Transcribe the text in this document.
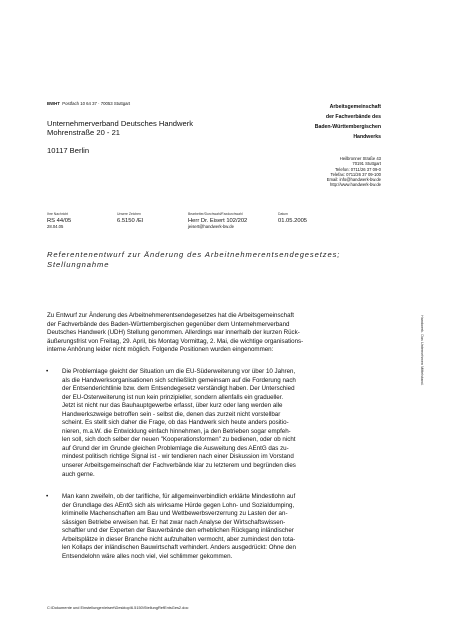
BWHT Postfach 10 64 37 · 70053 Stuttgart
Arbeitsgemeinschaft
der Fachverbände des
Baden-Württembergischen
Handwerks
Unternehmerverband Deutsches Handwerk
Mohrenstraße 20 - 21
10117 Berlin
Heilbronner Straße 43
70191 Stuttgart
Telefon: 0711/26 37 09-0
Telefax: 0711/26 37 09-100
Email: info@handwerk-bw.de
http://www.handwerk-bw.de
Ihre Nachricht
RS 44/05
28.04.05
Unsere Zeichen
6.5150 /El
Bearbeiter/Durchwahl/Faxdurchwahl
Herr Dr. Eisert 102/202
jeisert@handwerk-bw.de
Datum
01.05.2005
Referentenentwurf zur Änderung des Arbeitnehmerentsendegesetzes;
Stellungnahme
Zu Entwurf zur Änderung des Arbeitnehmerentsendegesetzes hat die Arbeitsgemeinschaft
der Fachverbände des Baden-Württembergischen gegenüber dem Unternehmerverband
Deutsches Handwerk (UDH) Stellung genommen. Allerdings war innerhalb der kurzen Rück-
äußerungsfrist von Freitag, 29. April, bis Montag Vormittag, 2. Mai, die wichtige organisations-
interne Anhörung leider nicht möglich. Folgende Positionen wurden eingenommen:
• Die Problemlage gleicht der Situation um die EU-Süderweiterung vor über 10 Jahren,
als die Handwerksorganisationen sich schließlich gemeinsam auf die Forderung nach
der Entsenderichtlinie bzw. dem Entsendegesetz verständigt haben. Der Unterschied
der EU-Osterweiterung ist nun kein prinzipieller, sondern allenfalls ein gradueller.
Jetzt ist nicht nur das Bauhauptgewerbe erfasst, über kurz oder lang werden alle
Handwerkszweige betroffen sein - selbst die, denen das zurzeit nicht vorstellbar
scheint. Es stellt sich daher die Frage, ob das Handwerk sich heute anders positio-
nieren, m.a.W. die Entwicklung einfach hinnehmen, ja den Betrieben sogar empfeh-
len soll, sich doch selber der neuen "Kooperationsformen" zu bedienen, oder ob nicht
auf Grund der im Grunde gleichen Problemlage die Ausweitung des AEntG das zu-
mindest politisch richtige Signal ist - wir tendieren nach einer Diskussion im Vorstand
unserer Arbeitsgemeinschaft der Fachverbände klar zu letzterem und begründen dies
auch gerne.
• Man kann zweifeln, ob der tarifliche, für allgemeinverbindlich erklärte Mindestlohn auf
der Grundlage des AEntG sich als wirksame Hürde gegen Lohn- und Sozialdumping,
kriminelle Machenschaften am Bau und Wettbewerbsverzerrung zu Lasten der an-
sässigen Betriebe erweisen hat. Er hat zwar nach Analyse der Wirtschaftswissen-
schaftler und der Experten der Bauverbände den erheblichen Rückgang inländischer
Arbeitsplätze in dieser Branche nicht aufzuhalten vermocht, aber zumindest den tota-
len Kollaps der inländischen Bauwirtschaft verhindert. Anders ausgedrückt: Ohne den
Entsendelohn wäre alles noch viel, viel schlimmer gekommen.
Handwerk. Das Unternehmen Mittelstand.
C:\Dokumente und Einstellungen\eisert\Desktop\6.5150\StellungRefEntsGes2.doc
